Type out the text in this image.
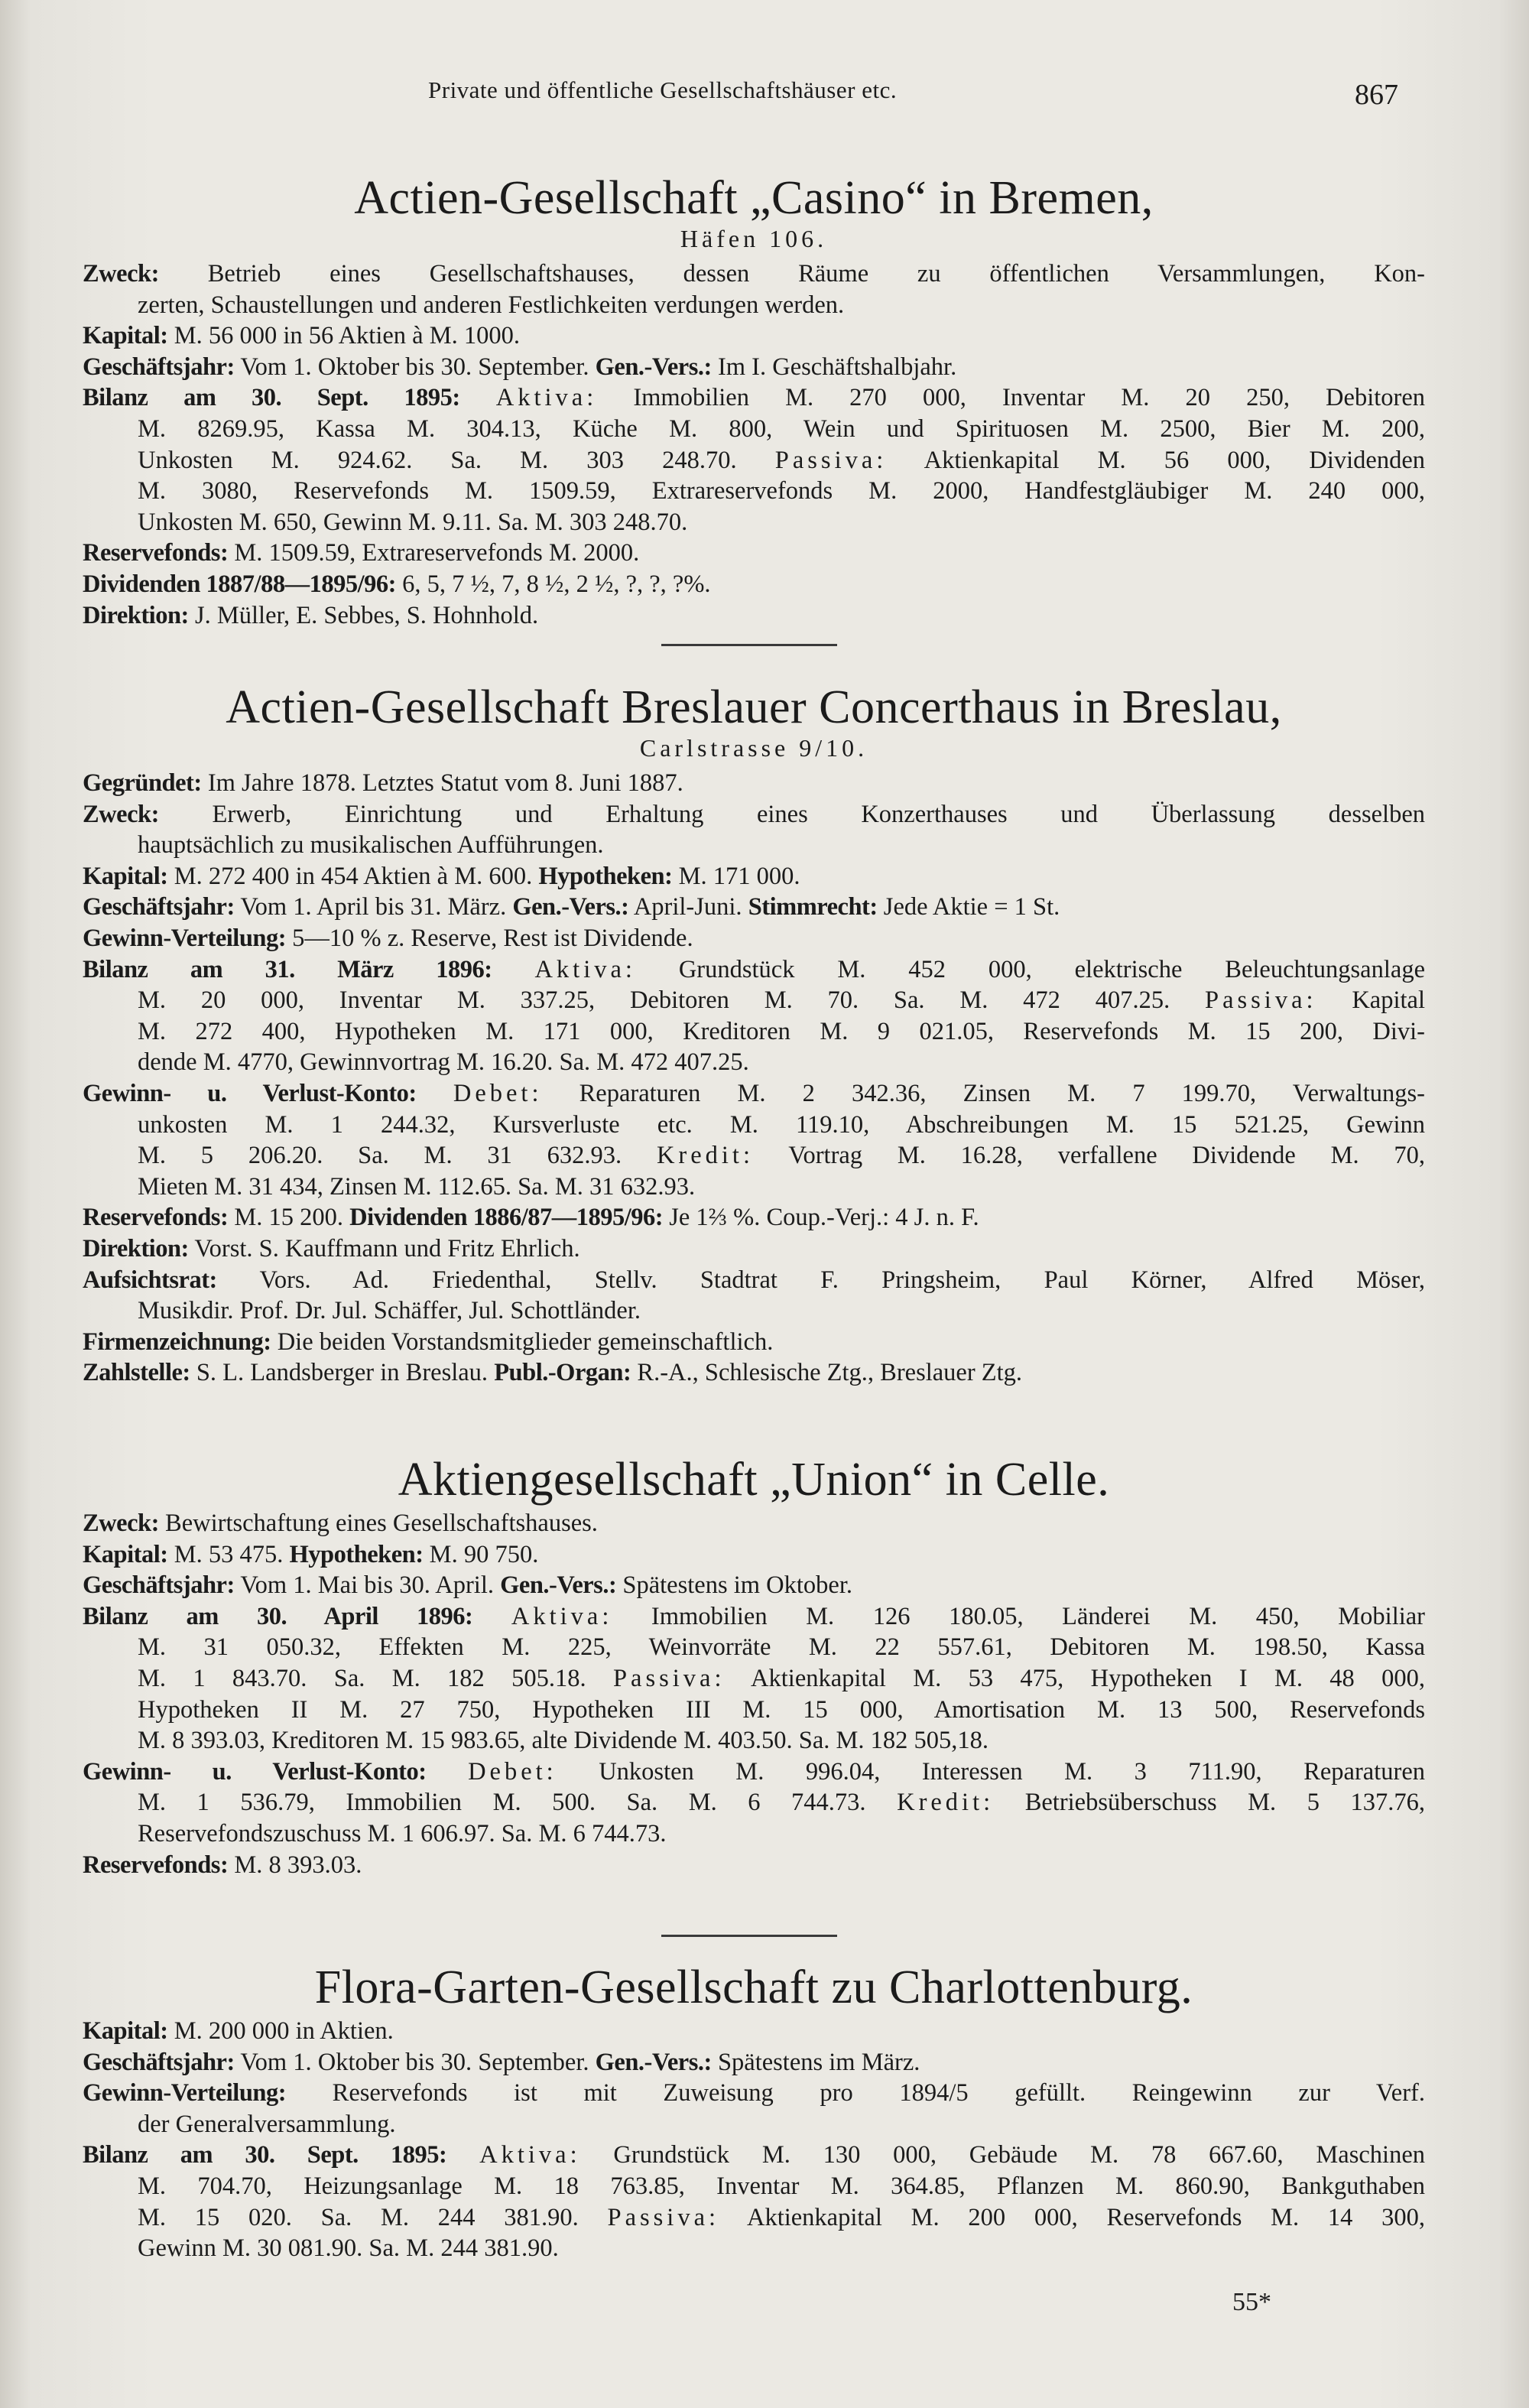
Private und öffentliche Gesellschaftshäuser etc.	867
Actien-Gesellschaft „Casino“ in Bremen,
Häfen 106.
Zweck: Betrieb eines Gesellschaftshauses, dessen Räume zu öffentlichen Versammlungen, Kon-
zerten, Schaustellungen und anderen Festlichkeiten verdungen werden.
Kapital: M. 56 000 in 56 Aktien à M. 1000.
Geschäftsjahr: Vom 1. Oktober bis 30. September. Gen.-Vers.: Im I. Geschäftshalbjahr.
Bilanz am 30. Sept. 1895: Aktiva: Immobilien M. 270 000, Inventar M. 20 250, Debitoren
M. 8269.95, Kassa M. 304.13, Küche M. 800, Wein und Spirituosen M. 2500, Bier M. 200,
Unkosten M. 924.62. Sa. M. 303 248.70. Passiva: Aktienkapital M. 56 000, Dividenden
M. 3080, Reservefonds M. 1509.59, Extrareservefonds M. 2000, Handfestgläubiger M. 240 000,
Unkosten M. 650, Gewinn M. 9.11. Sa. M. 303 248.70.
Reservefonds: M. 1509.59, Extrareservefonds M. 2000.
Dividenden 1887/88—1895/96: 6, 5, 7 ½, 7, 8 ½, 2 ½, ?, ?, ?%.
Direktion: J. Müller, E. Sebbes, S. Hohnhold.
Actien-Gesellschaft Breslauer Concerthaus in Breslau,
Carlstrasse 9/10.
Gegründet: Im Jahre 1878. Letztes Statut vom 8. Juni 1887.
Zweck: Erwerb, Einrichtung und Erhaltung eines Konzerthauses und Überlassung desselben
hauptsächlich zu musikalischen Aufführungen.
Kapital: M. 272 400 in 454 Aktien à M. 600. Hypotheken: M. 171 000.
Geschäftsjahr: Vom 1. April bis 31. März. Gen.-Vers.: April-Juni. Stimmrecht: Jede Aktie = 1 St.
Gewinn-Verteilung: 5—10 % z. Reserve, Rest ist Dividende.
Bilanz am 31. März 1896: Aktiva: Grundstück M. 452 000, elektrische Beleuchtungsanlage
M. 20 000, Inventar M. 337.25, Debitoren M. 70. Sa. M. 472 407.25. Passiva: Kapital
M. 272 400, Hypotheken M. 171 000, Kreditoren M. 9 021.05, Reservefonds M. 15 200, Divi-
dende M. 4770, Gewinnvortrag M. 16.20. Sa. M. 472 407.25.
Gewinn- u. Verlust-Konto: Debet: Reparaturen M. 2 342.36, Zinsen M. 7 199.70, Verwaltungs-
unkosten M. 1 244.32, Kursverluste etc. M. 119.10, Abschreibungen M. 15 521.25, Gewinn
M. 5 206.20. Sa. M. 31 632.93. Kredit: Vortrag M. 16.28, verfallene Dividende M. 70,
Mieten M. 31 434, Zinsen M. 112.65. Sa. M. 31 632.93.
Reservefonds: M. 15 200. Dividenden 1886/87—1895/96: Je 1⅔ %. Coup.-Verj.: 4 J. n. F.
Direktion: Vorst. S. Kauffmann und Fritz Ehrlich.
Aufsichtsrat: Vors. Ad. Friedenthal, Stellv. Stadtrat F. Pringsheim, Paul Körner, Alfred Möser,
Musikdir. Prof. Dr. Jul. Schäffer, Jul. Schottländer.
Firmenzeichnung: Die beiden Vorstandsmitglieder gemeinschaftlich.
Zahlstelle: S. L. Landsberger in Breslau. Publ.-Organ: R.-A., Schlesische Ztg., Breslauer Ztg.
Aktiengesellschaft „Union“ in Celle.
Zweck: Bewirtschaftung eines Gesellschaftshauses.
Kapital: M. 53 475. Hypotheken: M. 90 750.
Geschäftsjahr: Vom 1. Mai bis 30. April. Gen.-Vers.: Spätestens im Oktober.
Bilanz am 30. April 1896: Aktiva: Immobilien M. 126 180.05, Länderei M. 450, Mobiliar
M. 31 050.32, Effekten M. 225, Weinvorräte M. 22 557.61, Debitoren M. 198.50, Kassa
M. 1 843.70. Sa. M. 182 505.18. Passiva: Aktienkapital M. 53 475, Hypotheken I M. 48 000,
Hypotheken II M. 27 750, Hypotheken III M. 15 000, Amortisation M. 13 500, Reservefonds
M. 8 393.03, Kreditoren M. 15 983.65, alte Dividende M. 403.50. Sa. M. 182 505,18.
Gewinn- u. Verlust-Konto: Debet: Unkosten M. 996.04, Interessen M. 3 711.90, Reparaturen
M. 1 536.79, Immobilien M. 500. Sa. M. 6 744.73. Kredit: Betriebsüberschuss M. 5 137.76,
Reservefondszuschuss M. 1 606.97. Sa. M. 6 744.73.
Reservefonds: M. 8 393.03.
Flora-Garten-Gesellschaft zu Charlottenburg.
Kapital: M. 200 000 in Aktien.
Geschäftsjahr: Vom 1. Oktober bis 30. September. Gen.-Vers.: Spätestens im März.
Gewinn-Verteilung: Reservefonds ist mit Zuweisung pro 1894/5 gefüllt. Reingewinn zur Verf.
der Generalversammlung.
Bilanz am 30. Sept. 1895: Aktiva: Grundstück M. 130 000, Gebäude M. 78 667.60, Maschinen
M. 704.70, Heizungsanlage M. 18 763.85, Inventar M. 364.85, Pflanzen M. 860.90, Bankguthaben
M. 15 020. Sa. M. 244 381.90. Passiva: Aktienkapital M. 200 000, Reservefonds M. 14 300,
Gewinn M. 30 081.90. Sa. M. 244 381.90.
55*
